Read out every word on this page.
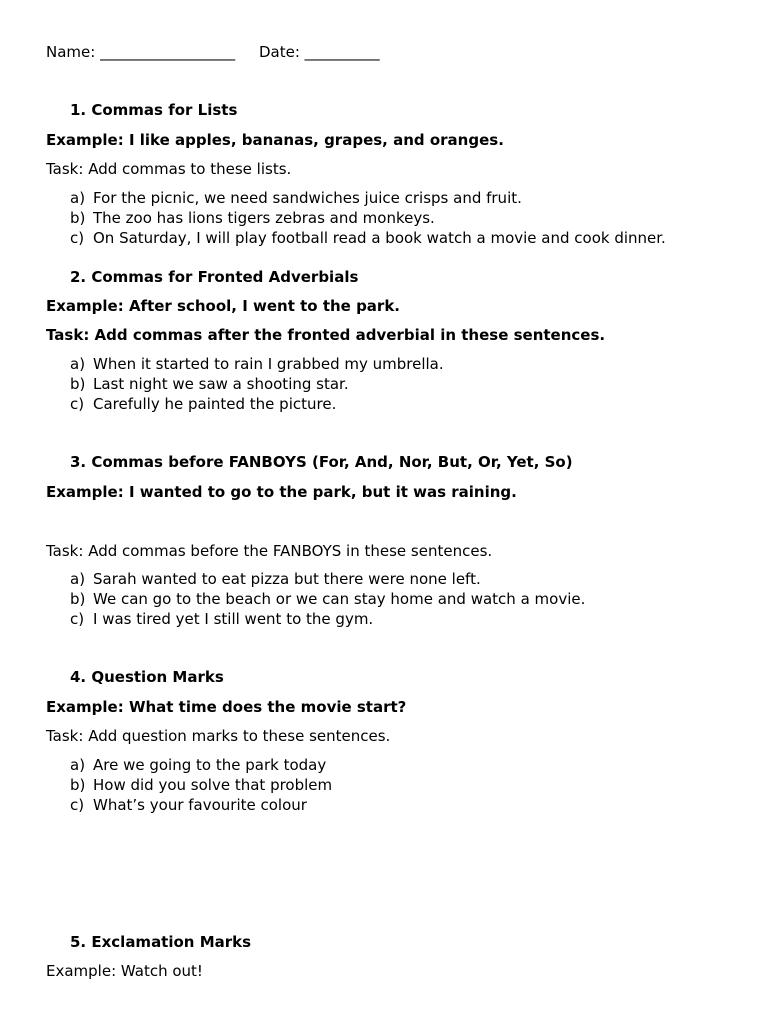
Name: __________________ Date: __________
1. Commas for Lists
Example: I like apples, bananas, grapes, and oranges.
Task: Add commas to these lists.
a) For the picnic, we need sandwiches juice crisps and fruit.
b) The zoo has lions tigers zebras and monkeys.
c) On Saturday, I will play football read a book watch a movie and cook dinner.
2. Commas for Fronted Adverbials
Example: After school, I went to the park.
Task: Add commas after the fronted adverbial in these sentences.
a) When it started to rain I grabbed my umbrella.
b) Last night we saw a shooting star.
c) Carefully he painted the picture.
3. Commas before FANBOYS (For, And, Nor, But, Or, Yet, So)
Example: I wanted to go to the park, but it was raining.
Task: Add commas before the FANBOYS in these sentences.
a) Sarah wanted to eat pizza but there were none left.
b) We can go to the beach or we can stay home and watch a movie.
c) I was tired yet I still went to the gym.
4. Question Marks
Example: What time does the movie start?
Task: Add question marks to these sentences.
a) Are we going to the park today
b) How did you solve that problem
c) What’s your favourite colour
5. Exclamation Marks
Example: Watch out!
